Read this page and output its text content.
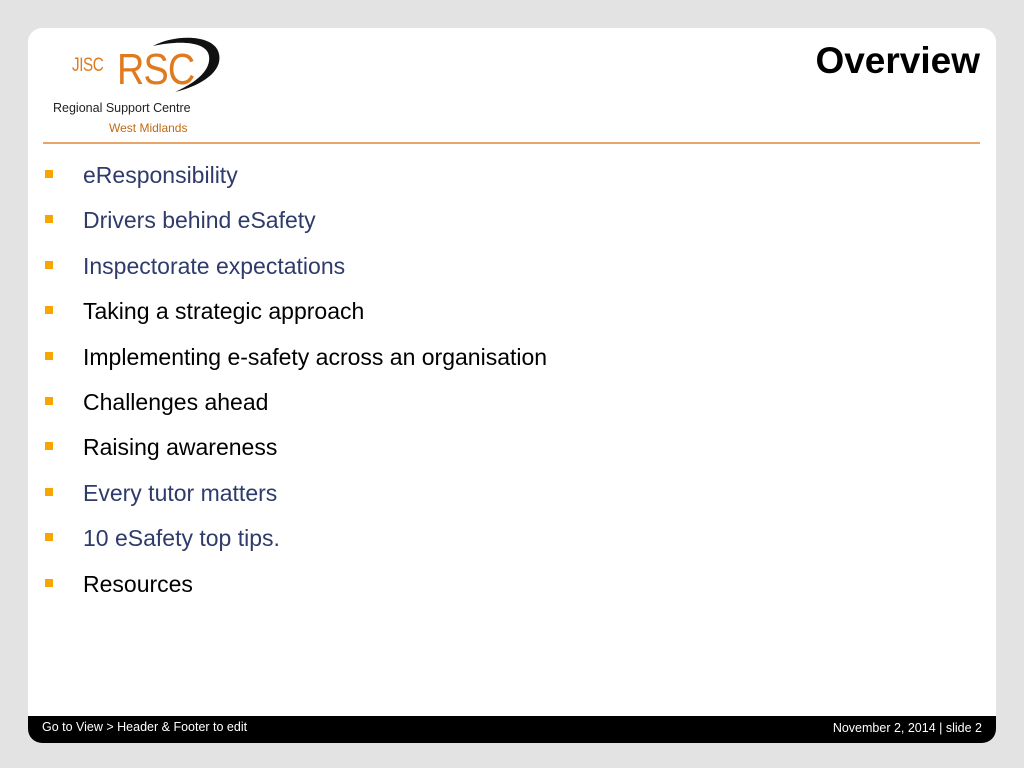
JISC RSC
Regional Support Centre
West Midlands
Overview
eResponsibility
Drivers behind eSafety
Inspectorate expectations
Taking a strategic approach
Implementing e-safety across an organisation
Challenges ahead
Raising awareness
Every tutor matters
10 eSafety top tips.
Resources
Go to View > Header & Footer to edit	November 2, 2014 | slide 2
